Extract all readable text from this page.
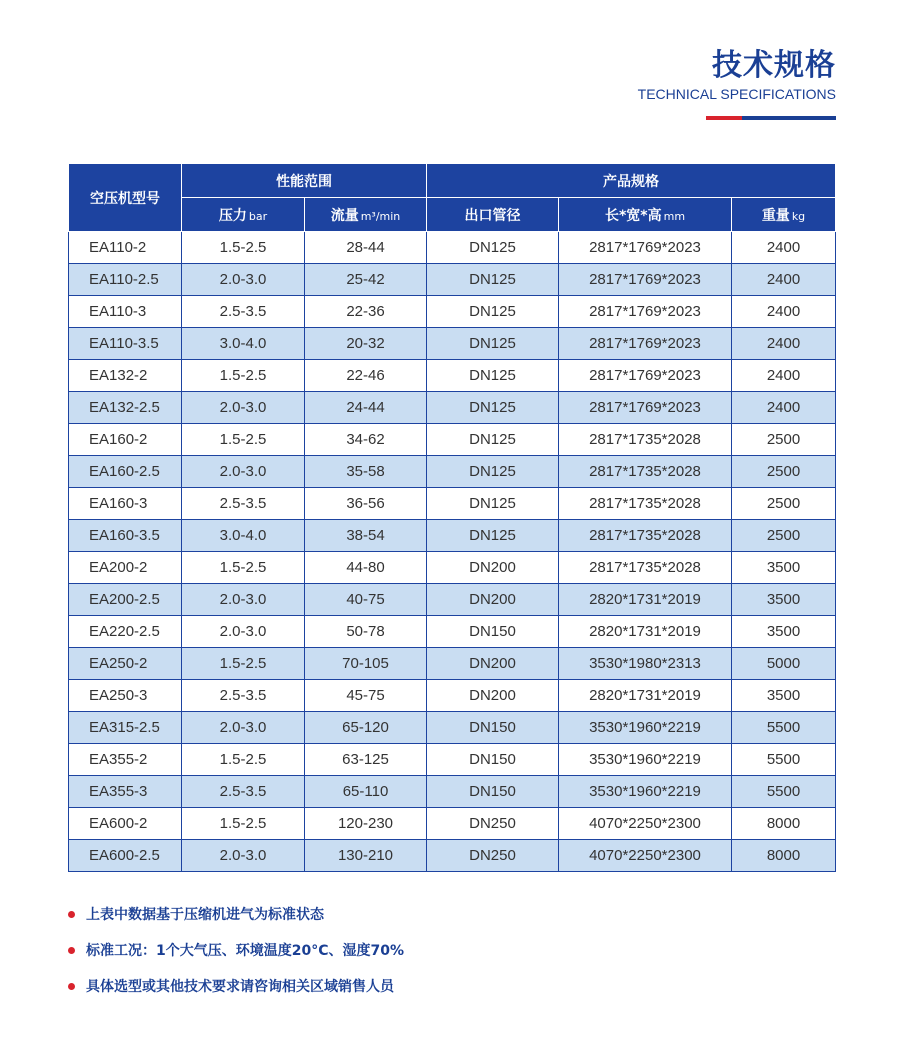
技术规格
TECHNICAL SPECIFICATIONS
空压机型号	性能范围		产品规格		
	压力 bar	流量 m³/min	出口管径	长*宽*高 mm	重量 kg
EA110-2	1.5-2.5	28-44	DN125	2817*1769*2023	2400
EA110-2.5	2.0-3.0	25-42	DN125	2817*1769*2023	2400
EA110-3	2.5-3.5	22-36	DN125	2817*1769*2023	2400
EA110-3.5	3.0-4.0	20-32	DN125	2817*1769*2023	2400
EA132-2	1.5-2.5	22-46	DN125	2817*1769*2023	2400
EA132-2.5	2.0-3.0	24-44	DN125	2817*1769*2023	2400
EA160-2	1.5-2.5	34-62	DN125	2817*1735*2028	2500
EA160-2.5	2.0-3.0	35-58	DN125	2817*1735*2028	2500
EA160-3	2.5-3.5	36-56	DN125	2817*1735*2028	2500
EA160-3.5	3.0-4.0	38-54	DN125	2817*1735*2028	2500
EA200-2	1.5-2.5	44-80	DN200	2817*1735*2028	3500
EA200-2.5	2.0-3.0	40-75	DN200	2820*1731*2019	3500
EA220-2.5	2.0-3.0	50-78	DN150	2820*1731*2019	3500
EA250-2	1.5-2.5	70-105	DN200	3530*1980*2313	5000
EA250-3	2.5-3.5	45-75	DN200	2820*1731*2019	3500
EA315-2.5	2.0-3.0	65-120	DN150	3530*1960*2219	5500
EA355-2	1.5-2.5	63-125	DN150	3530*1960*2219	5500
EA355-3	2.5-3.5	65-110	DN150	3530*1960*2219	5500
EA600-2	1.5-2.5	120-230	DN250	4070*2250*2300	8000
EA600-2.5	2.0-3.0	130-210	DN250	4070*2250*2300	8000
上表中数据基于压缩机进气为标准状态
标准工况：1个大气压、环境温度20°C、湿度70%
具体选型或其他技术要求请咨询相关区域销售人员
